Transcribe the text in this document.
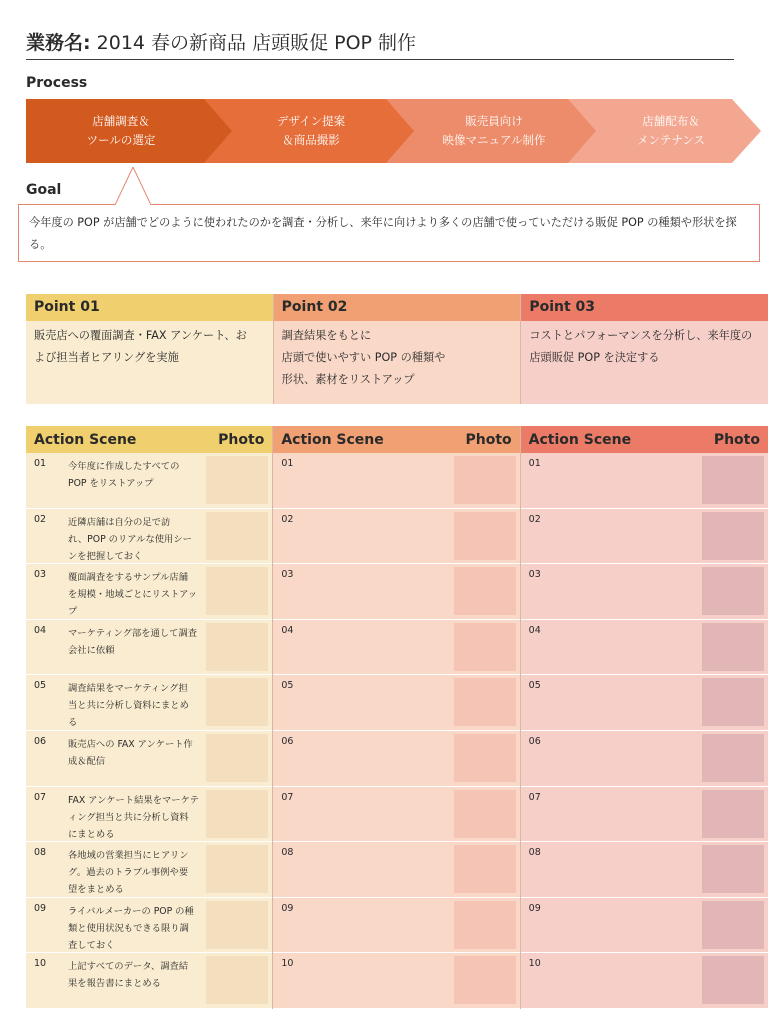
業務名: 2014 春の新商品 店頭販促 POP 制作
Process
店舗調査＆
ツールの選定
デザイン提案
＆商品撮影
販売員向け
映像マニュアル制作
店舗配布＆
メンテナンス
Goal
今年度の POP が店舗でどのように使われたのかを調査・分析し、来年に向けより多くの店舗で使っていただける販促 POP の種類や形状を探る。
Point 01
販売店への覆面調査・FAX アンケート、お
よび担当者ヒアリングを実施
Point 02
調査結果をもとに
店頭で使いやすい POP の種類や
形状、素材をリストアップ
Point 03
コストとパフォーマンスを分析し、来年度の
店頭販促 POP を決定する
Action Scene	Photo
01 今年度に作成したすべての
POP をリストアップ
02 近隣店舗は自分の足で訪
れ、POP のリアルな使用シー
ンを把握しておく
03 覆面調査をするサンプル店舗
を規模・地域ごとにリストアップ
04 マーケティング部を通して調査
会社に依頼
05 調査結果をマーケティング担
当と共に分析し資料にまとめ
る
06 販売店への FAX アンケート作
成＆配信
07 FAX アンケート結果をマーケテ
ィング担当と共に分析し資料
にまとめる
08 各地域の営業担当にヒアリン
グ。過去のトラブル事例や要
望をまとめる
09 ライバルメーカーの POP の種
類と使用状況もできる限り調
査しておく
10 上記すべてのデータ、調査結
果を報告書にまとめる
Action Scene	Photo
01
02
03
04
05
06
07
08
09
10
Action Scene	Photo
01
02
03
04
05
06
07
08
09
10
